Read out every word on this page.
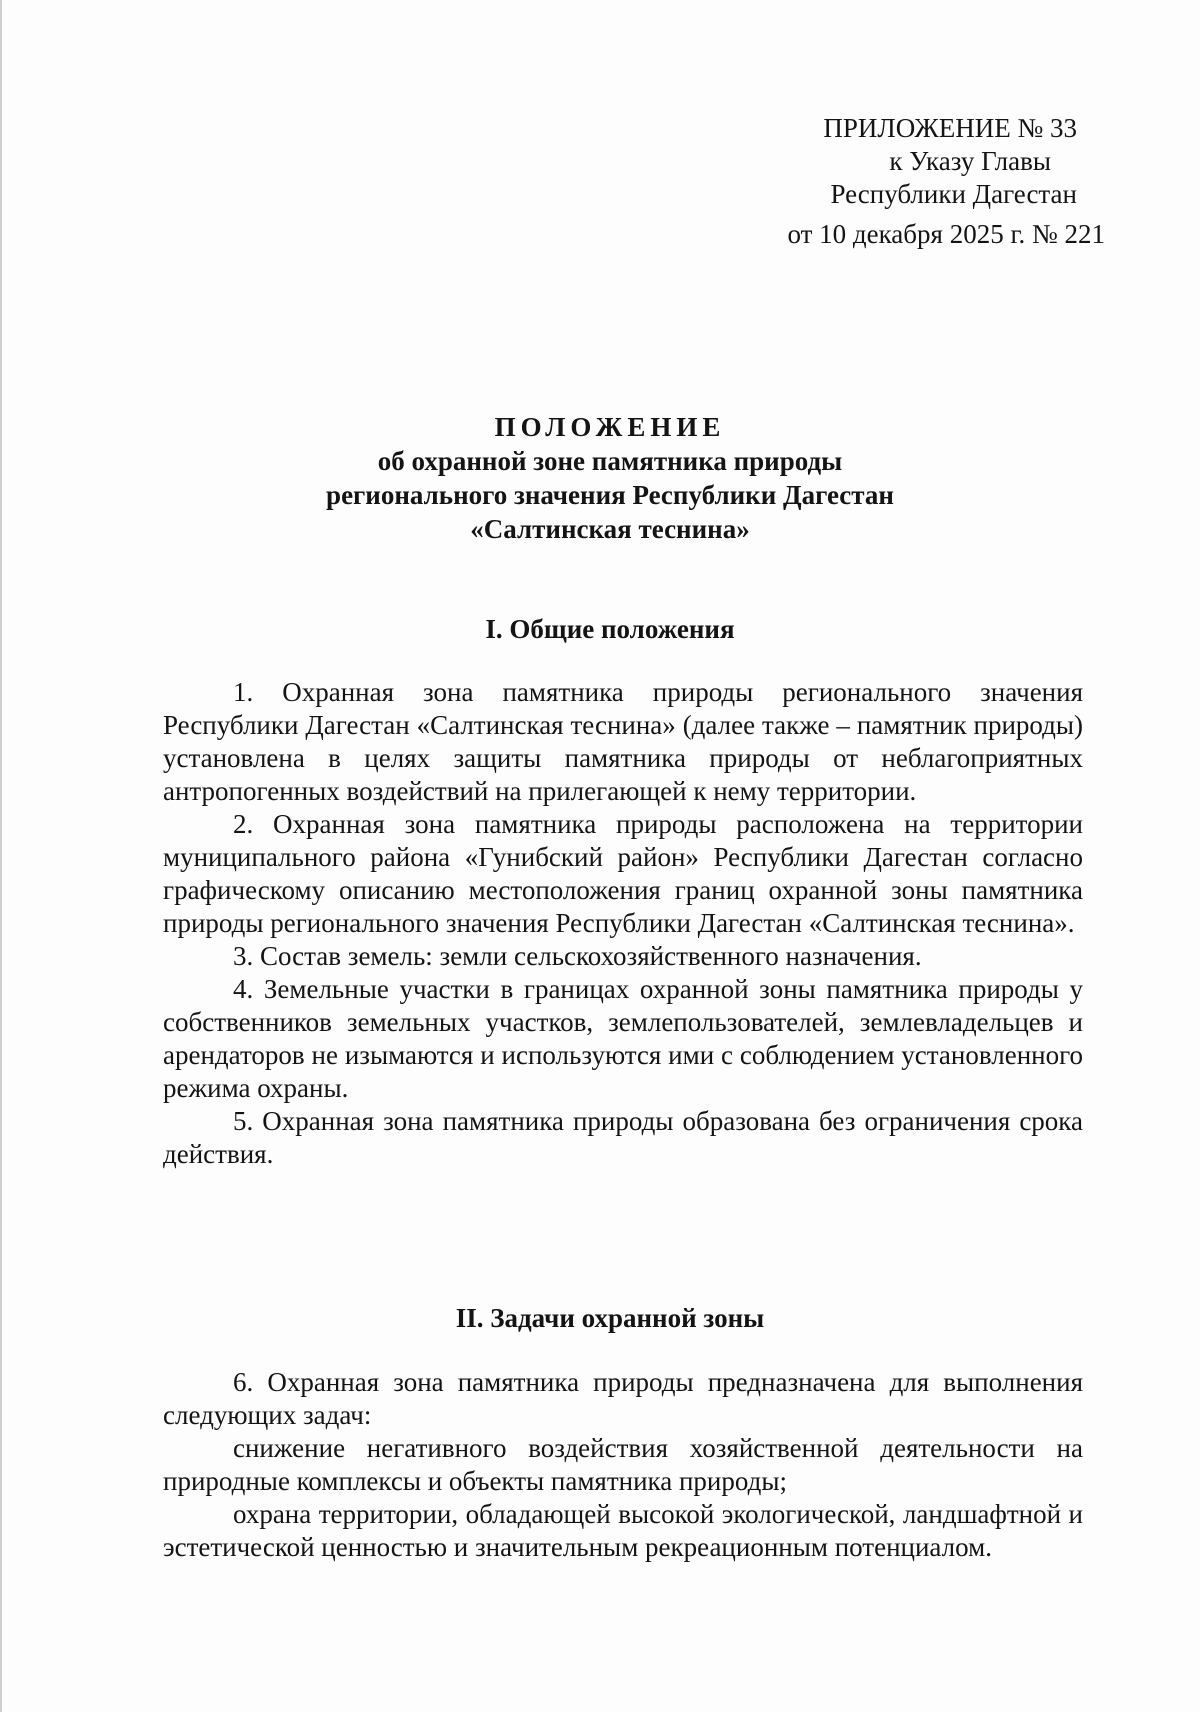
ПРИЛОЖЕНИЕ № 33
к Указу Главы
Республики Дагестан
от 10 декабря 2025 г. № 221
ПОЛОЖЕНИЕ
об охранной зоне памятника природы
регионального значения Республики Дагестан
«Салтинская теснина»
I. Общие положения

1. Охранная зона памятника природы регионального значения Республики Дагестан «Салтинская теснина» (далее также – памятник природы) установлена в целях защиты памятника природы от неблагоприятных антропогенных воздействий на прилегающей к нему территории.

2. Охранная зона памятника природы расположена на территории муниципального района «Гунибский район» Республики Дагестан согласно графическому описанию местоположения границ охранной зоны памятника природы регионального значения Республики Дагестан «Салтинская теснина».

3. Состав земель: земли сельскохозяйственного назначения.

4. Земельные участки в границах охранной зоны памятника природы у собственников земельных участков, землепользователей, землевладельцев и арендаторов не изымаются и используются ими с соблюдением установленного режима охраны.

5. Охранная зона памятника природы образована без ограничения срока действия.

II. Задачи охранной зоны

6. Охранная зона памятника природы предназначена для выполнения следующих задач:

снижение негативного воздействия хозяйственной деятельности на природные комплексы и объекты памятника природы;

охрана территории, обладающей высокой экологической, ландшафтной и эстетической ценностью и значительным рекреационным потенциалом.
